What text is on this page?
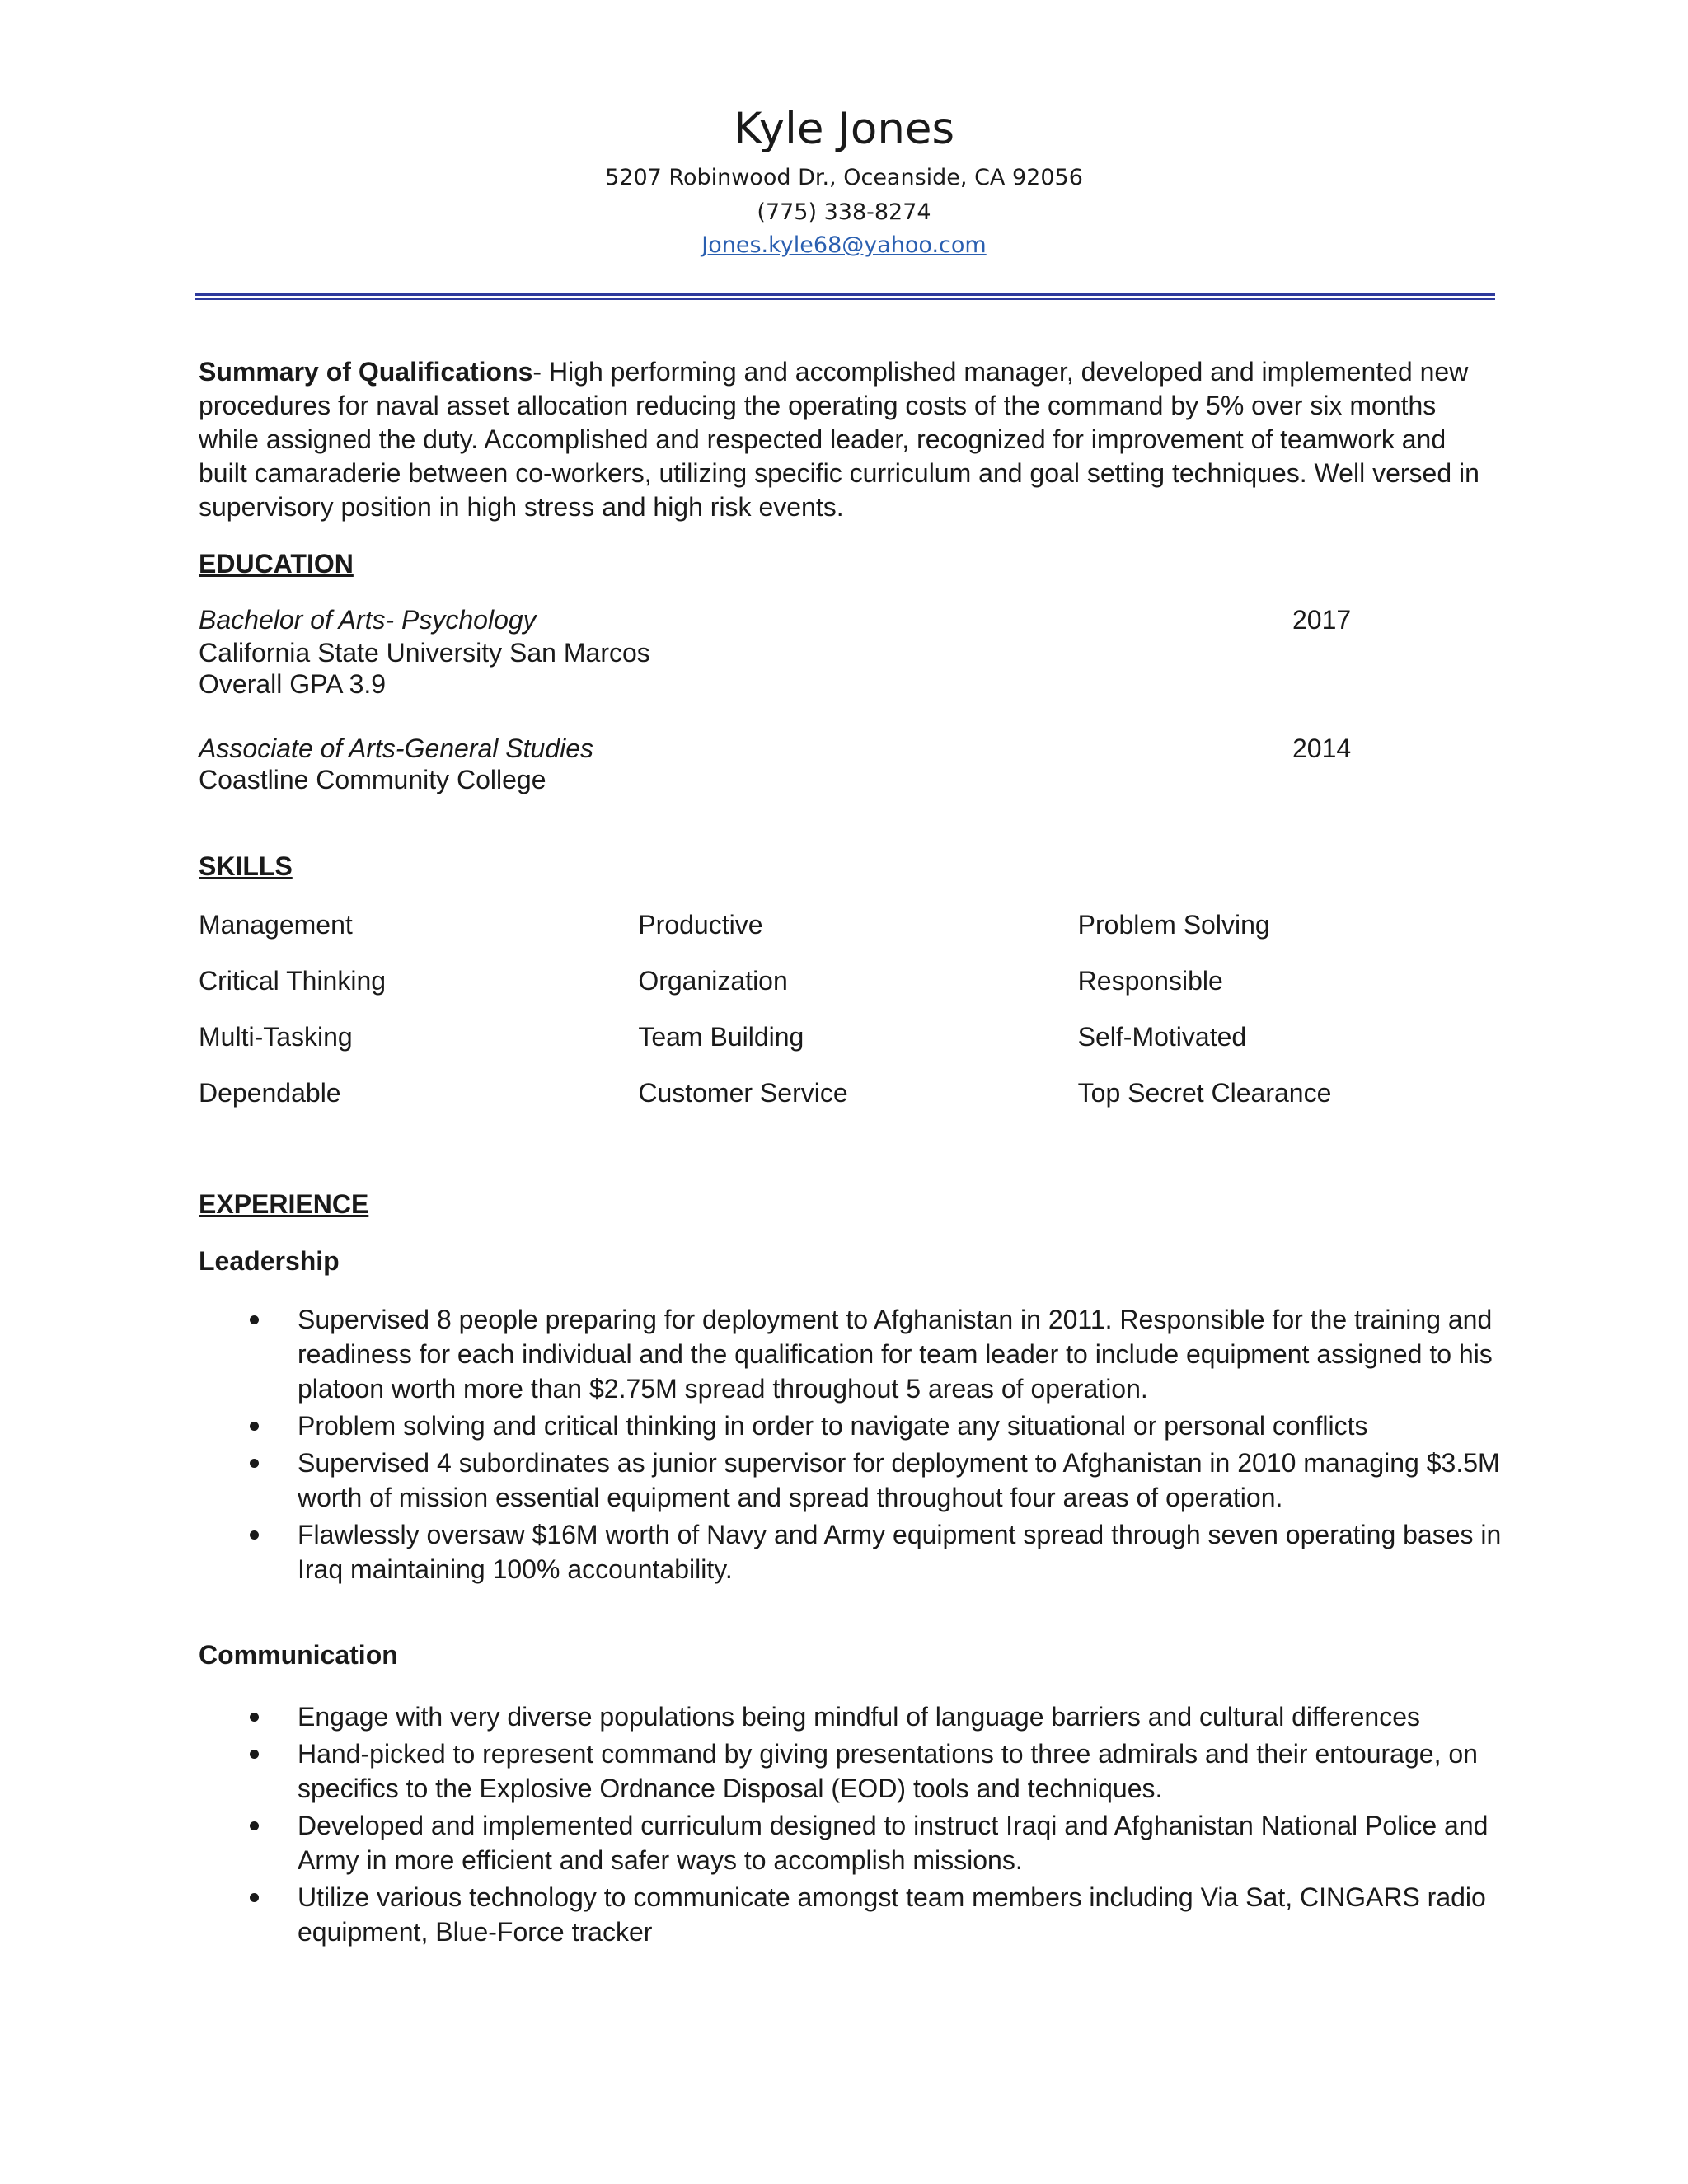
Kyle Jones
5207 Robinwood Dr., Oceanside, CA 92056
(775) 338-8274
Jones.kyle68@yahoo.com
Summary of Qualifications- High performing and accomplished manager, developed and implemented new procedures for naval asset allocation reducing the operating costs of the command by 5% over six months while assigned the duty. Accomplished and respected leader, recognized for improvement of teamwork and built camaraderie between co-workers, utilizing specific curriculum and goal setting techniques. Well versed in supervisory position in high stress and high risk events.
EDUCATION
Bachelor of Arts- Psychology	2017
California State University San Marcos
Overall GPA 3.9
Associate of Arts-General Studies	2014
Coastline Community College
SKILLS
Management	Productive	Problem Solving
Critical Thinking	Organization	Responsible
Multi-Tasking	Team Building	Self-Motivated
Dependable	Customer Service	Top Secret Clearance
EXPERIENCE
Leadership
Supervised 8 people preparing for deployment to Afghanistan in 2011. Responsible for the training and readiness for each individual and the qualification for team leader to include equipment assigned to his platoon worth more than $2.75M spread throughout 5 areas of operation.
Problem solving and critical thinking in order to navigate any situational or personal conflicts
Supervised 4 subordinates as junior supervisor for deployment to Afghanistan in 2010 managing $3.5M worth of mission essential equipment and spread throughout four areas of operation.
Flawlessly oversaw $16M worth of Navy and Army equipment spread through seven operating bases in Iraq maintaining 100% accountability.
Communication
Engage with very diverse populations being mindful of language barriers and cultural differences
Hand-picked to represent command by giving presentations to three admirals and their entourage, on specifics to the Explosive Ordnance Disposal (EOD) tools and techniques.
Developed and implemented curriculum designed to instruct Iraqi and Afghanistan National Police and Army in more efficient and safer ways to accomplish missions.
Utilize various technology to communicate amongst team members including Via Sat, CINGARS radio equipment, Blue-Force tracker
